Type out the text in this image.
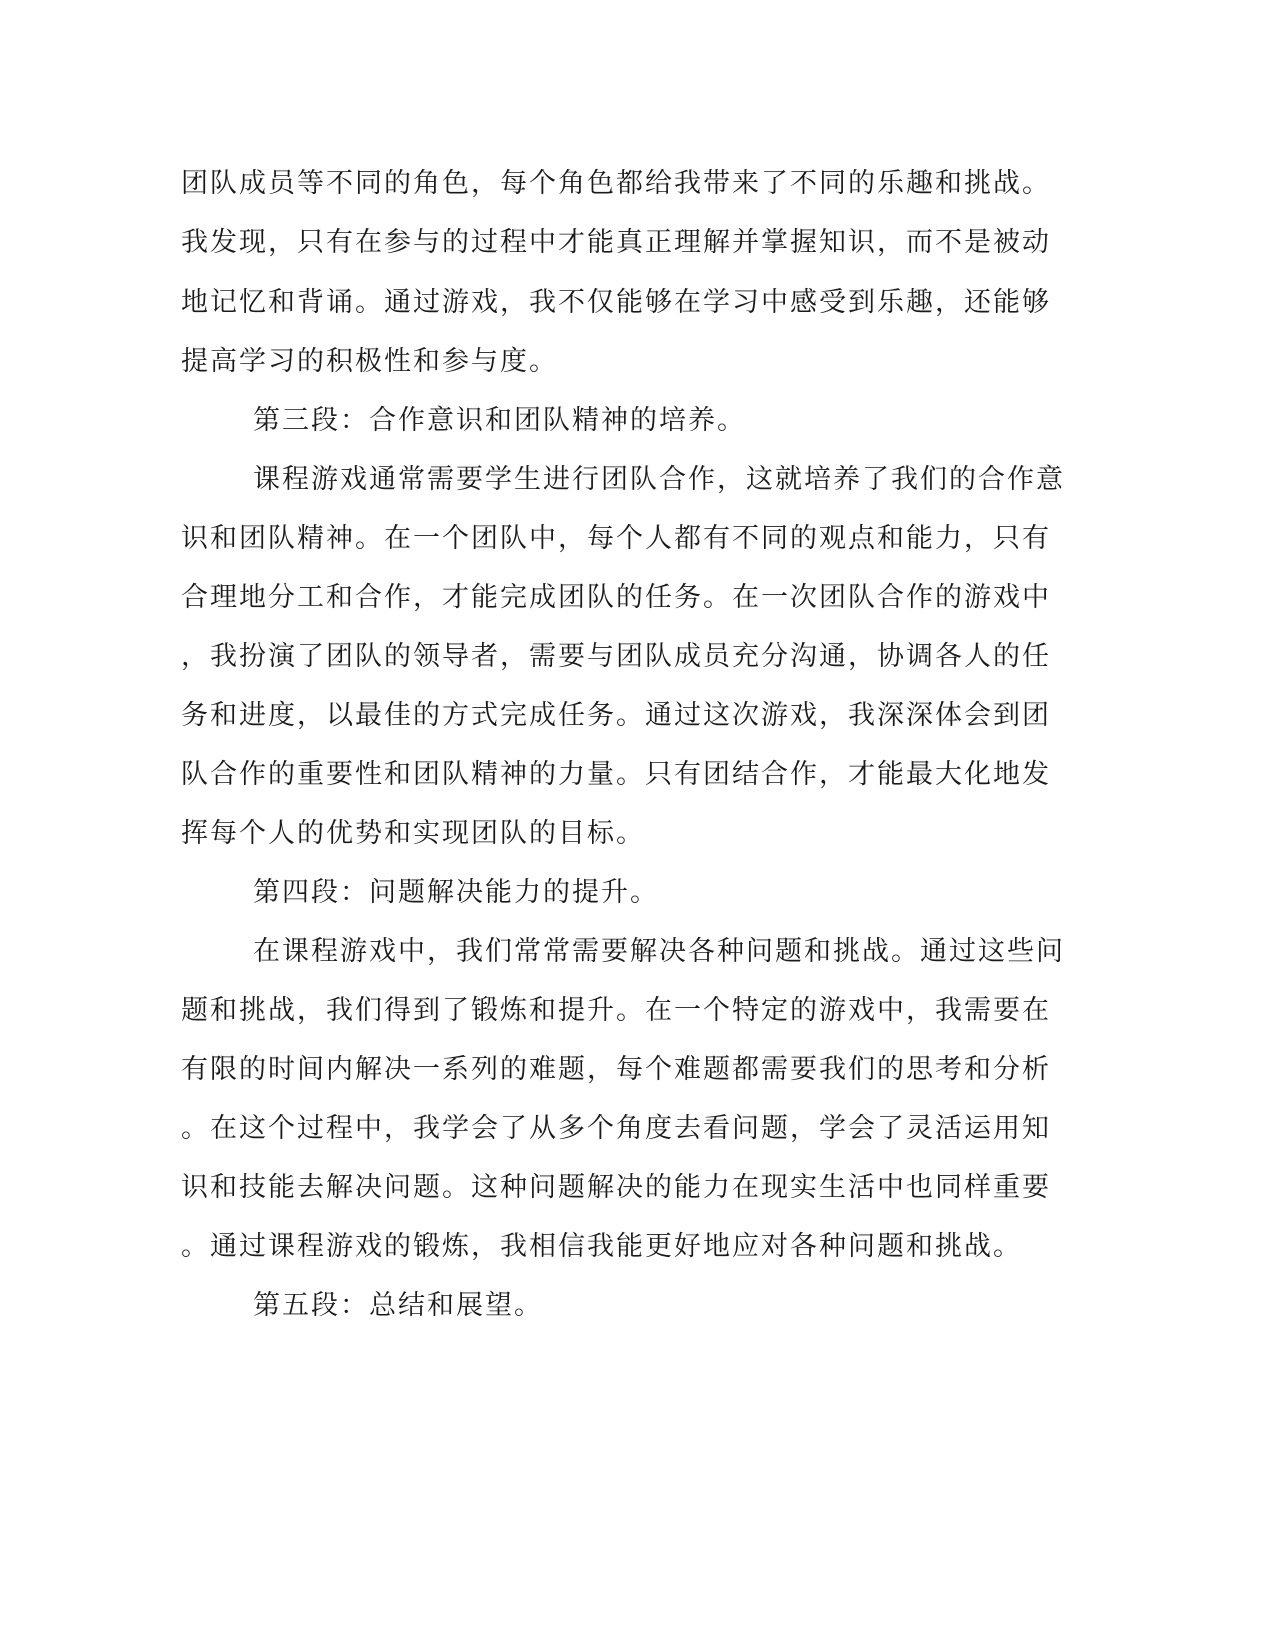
团队成员等不同的角色，每个角色都给我带来了不同的乐趣和挑战。
我发现，只有在参与的过程中才能真正理解并掌握知识，而不是被动
地记忆和背诵。通过游戏，我不仅能够在学习中感受到乐趣，还能够
提高学习的积极性和参与度。
第三段：合作意识和团队精神的培养。
课程游戏通常需要学生进行团队合作，这就培养了我们的合作意
识和团队精神。在一个团队中，每个人都有不同的观点和能力，只有
合理地分工和合作，才能完成团队的任务。在一次团队合作的游戏中
，我扮演了团队的领导者，需要与团队成员充分沟通，协调各人的任
务和进度，以最佳的方式完成任务。通过这次游戏，我深深体会到团
队合作的重要性和团队精神的力量。只有团结合作，才能最大化地发
挥每个人的优势和实现团队的目标。
第四段：问题解决能力的提升。
在课程游戏中，我们常常需要解决各种问题和挑战。通过这些问
题和挑战，我们得到了锻炼和提升。在一个特定的游戏中，我需要在
有限的时间内解决一系列的难题，每个难题都需要我们的思考和分析
。在这个过程中，我学会了从多个角度去看问题，学会了灵活运用知
识和技能去解决问题。这种问题解决的能力在现实生活中也同样重要
。通过课程游戏的锻炼，我相信我能更好地应对各种问题和挑战。
第五段：总结和展望。
